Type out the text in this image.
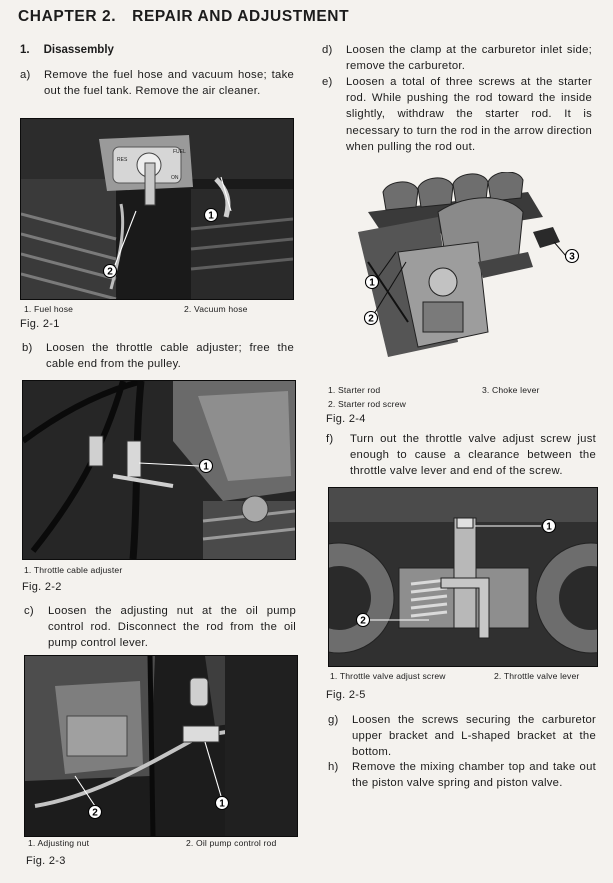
CHAPTER 2. REPAIR AND ADJUSTMENT
1. Disassembly
a) Remove the fuel hose and vacuum hose; take out the fuel tank. Remove the air cleaner.
FUEL
RES
ON
1
2
1. Fuel hose	2. Vacuum hose
Fig. 2-1
b) Loosen the throttle cable adjuster; free the cable end from the pulley.
1
1. Throttle cable adjuster
Fig. 2-2
c) Loosen the adjusting nut at the oil pump control rod. Disconnect the rod from the oil pump control lever.
1
2
1. Adjusting nut	2. Oil pump control rod
Fig. 2-3
d) Loosen the clamp at the carburetor inlet side; remove the carburetor.
e) Loosen a total of three screws at the starter rod. While pushing the rod toward the inside slightly, withdraw the starter rod. It is necessary to turn the rod in the arrow direction when pulling the rod out.
1
2
3
1. Starter rod	3. Choke lever
2. Starter rod screw
Fig. 2-4
f) Turn out the throttle valve adjust screw just enough to cause a clearance between the throttle valve lever and end of the screw.
1
2
1. Throttle valve adjust screw	2. Throttle valve lever
Fig. 2-5
g) Loosen the screws securing the carburetor upper bracket and L-shaped bracket at the bottom.
h) Remove the mixing chamber top and take out the piston valve spring and piston valve.
